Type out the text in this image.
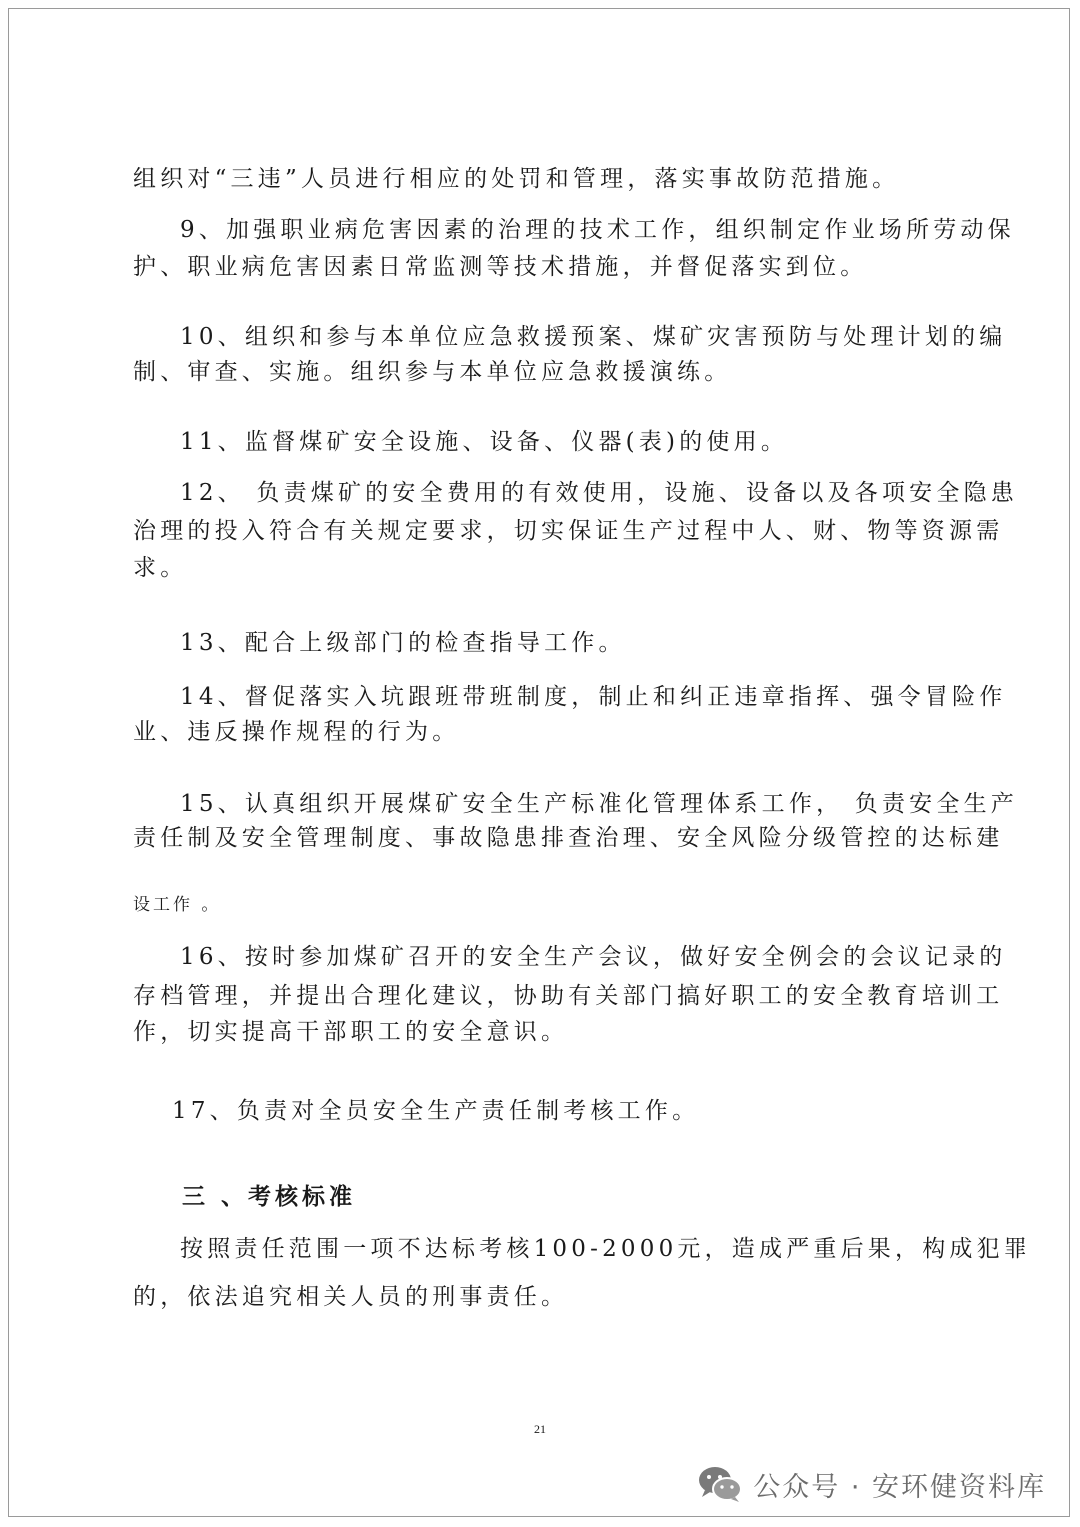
组织对“三违”人员进行相应的处罚和管理，落实事故防范措施。
9、加强职业病危害因素的治理的技术工作，组织制定作业场所劳动保
护、职业病危害因素日常监测等技术措施，并督促落实到位。
10、组织和参与本单位应急救援预案、煤矿灾害预防与处理计划的编
制、审查、实施。组织参与本单位应急救援演练。
11、监督煤矿安全设施、设备、仪器(表)的使用。
12、 负责煤矿的安全费用的有效使用，设施、设备以及各项安全隐患
治理的投入符合有关规定要求，切实保证生产过程中人、财、物等资源需
求。
13、配合上级部门的检查指导工作。
14、督促落实入坑跟班带班制度，制止和纠正违章指挥、强令冒险作
业、违反操作规程的行为。
15、认真组织开展煤矿安全生产标准化管理体系工作， 负责安全生产
责任制及安全管理制度、事故隐患排查治理、安全风险分级管控的达标建
设工作 。
16、按时参加煤矿召开的安全生产会议，做好安全例会的会议记录的
存档管理，并提出合理化建议，协助有关部门搞好职工的安全教育培训工
作，切实提高干部职工的安全意识。
17、负责对全员安全生产责任制考核工作。
三 、考核标准
按照责任范围一项不达标考核100-2000元，造成严重后果，构成犯罪
的，依法追究相关人员的刑事责任。
21
公众号 · 安环健资料库
